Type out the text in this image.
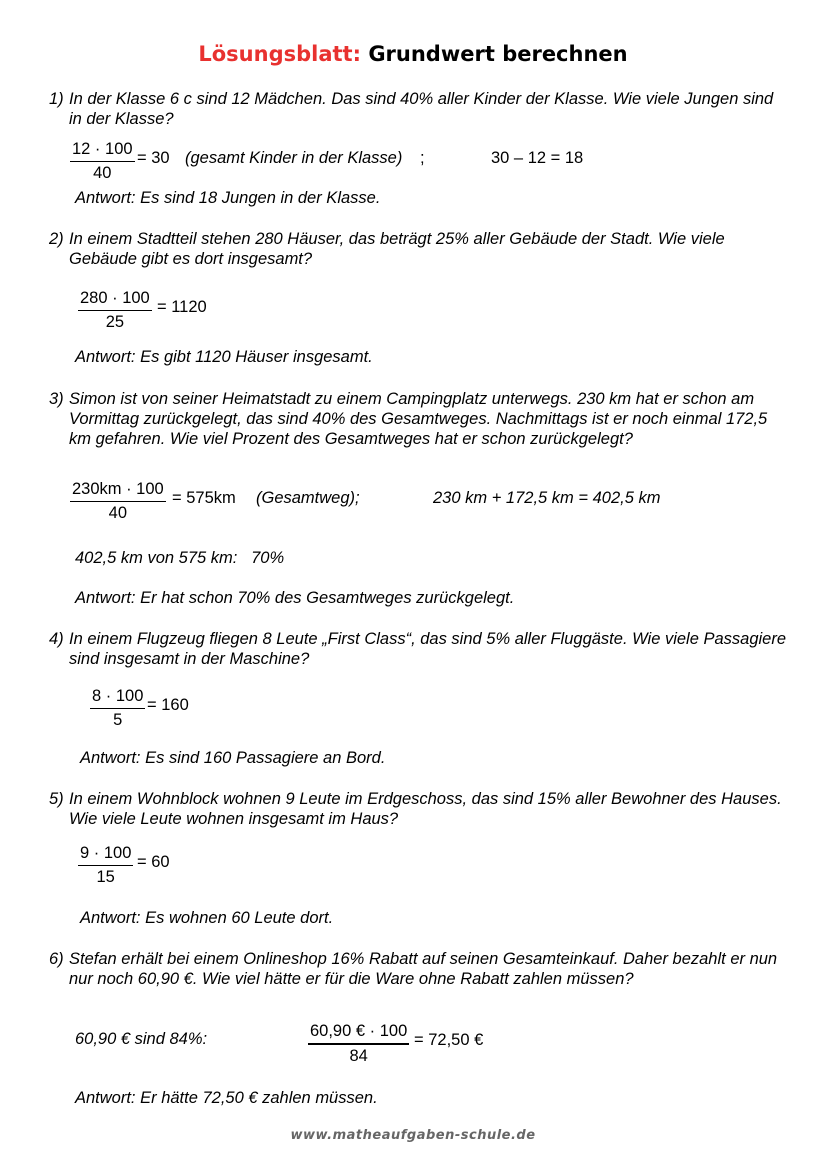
Lösungsblatt: Grundwert berechnen
1) In der Klasse 6 c sind 12 Mädchen. Das sind 40% aller Kinder der Klasse. Wie viele Jungen sind in der Klasse?
$\frac{12 \cdot 100}{40} = 30$ (gesamt Kinder in der Klasse) ;	30 – 12 = 18
Antwort: Es sind 18 Jungen in der Klasse.
2) In einem Stadtteil stehen 280 Häuser, das beträgt 25% aller Gebäude der Stadt. Wie viele Gebäude gibt es dort insgesamt?
$\frac{280 \cdot 100}{25} = 1120$
Antwort: Es gibt 1120 Häuser insgesamt.
3) Simon ist von seiner Heimatstadt zu einem Campingplatz unterwegs. 230 km hat er schon am Vormittag zurückgelegt, das sind 40% des Gesamtweges. Nachmittags ist er noch einmal 172,5 km gefahren. Wie viel Prozent des Gesamtweges hat er schon zurückgelegt?
$\frac{230km \cdot 100}{40} = 575km$ (Gesamtweg);	230 km + 172,5 km = 402,5 km
402,5 km von 575 km:   70%
Antwort: Er hat schon 70% des Gesamtweges zurückgelegt.
4) In einem Flugzeug fliegen 8 Leute „First Class“, das sind 5% aller Fluggäste. Wie viele Passagiere sind insgesamt in der Maschine?
$\frac{8 \cdot 100}{5} = 160$
Antwort: Es sind 160 Passagiere an Bord.
5) In einem Wohnblock wohnen 9 Leute im Erdgeschoss, das sind 15% aller Bewohner des Hauses. Wie viele Leute wohnen insgesamt im Haus?
$\frac{9 \cdot 100}{15} = 60$
Antwort: Es wohnen 60 Leute dort.
6) Stefan erhält bei einem Onlineshop 16% Rabatt auf seinen Gesamteinkauf. Daher bezahlt er nun nur noch 60,90 €. Wie viel hätte er für die Ware ohne Rabatt zahlen müssen?
60,90 € sind 84%:	$\frac{60,90 € \cdot 100}{84} = 72,50$ €
Antwort: Er hätte 72,50 € zahlen müssen.
www.matheaufgaben-schule.de
